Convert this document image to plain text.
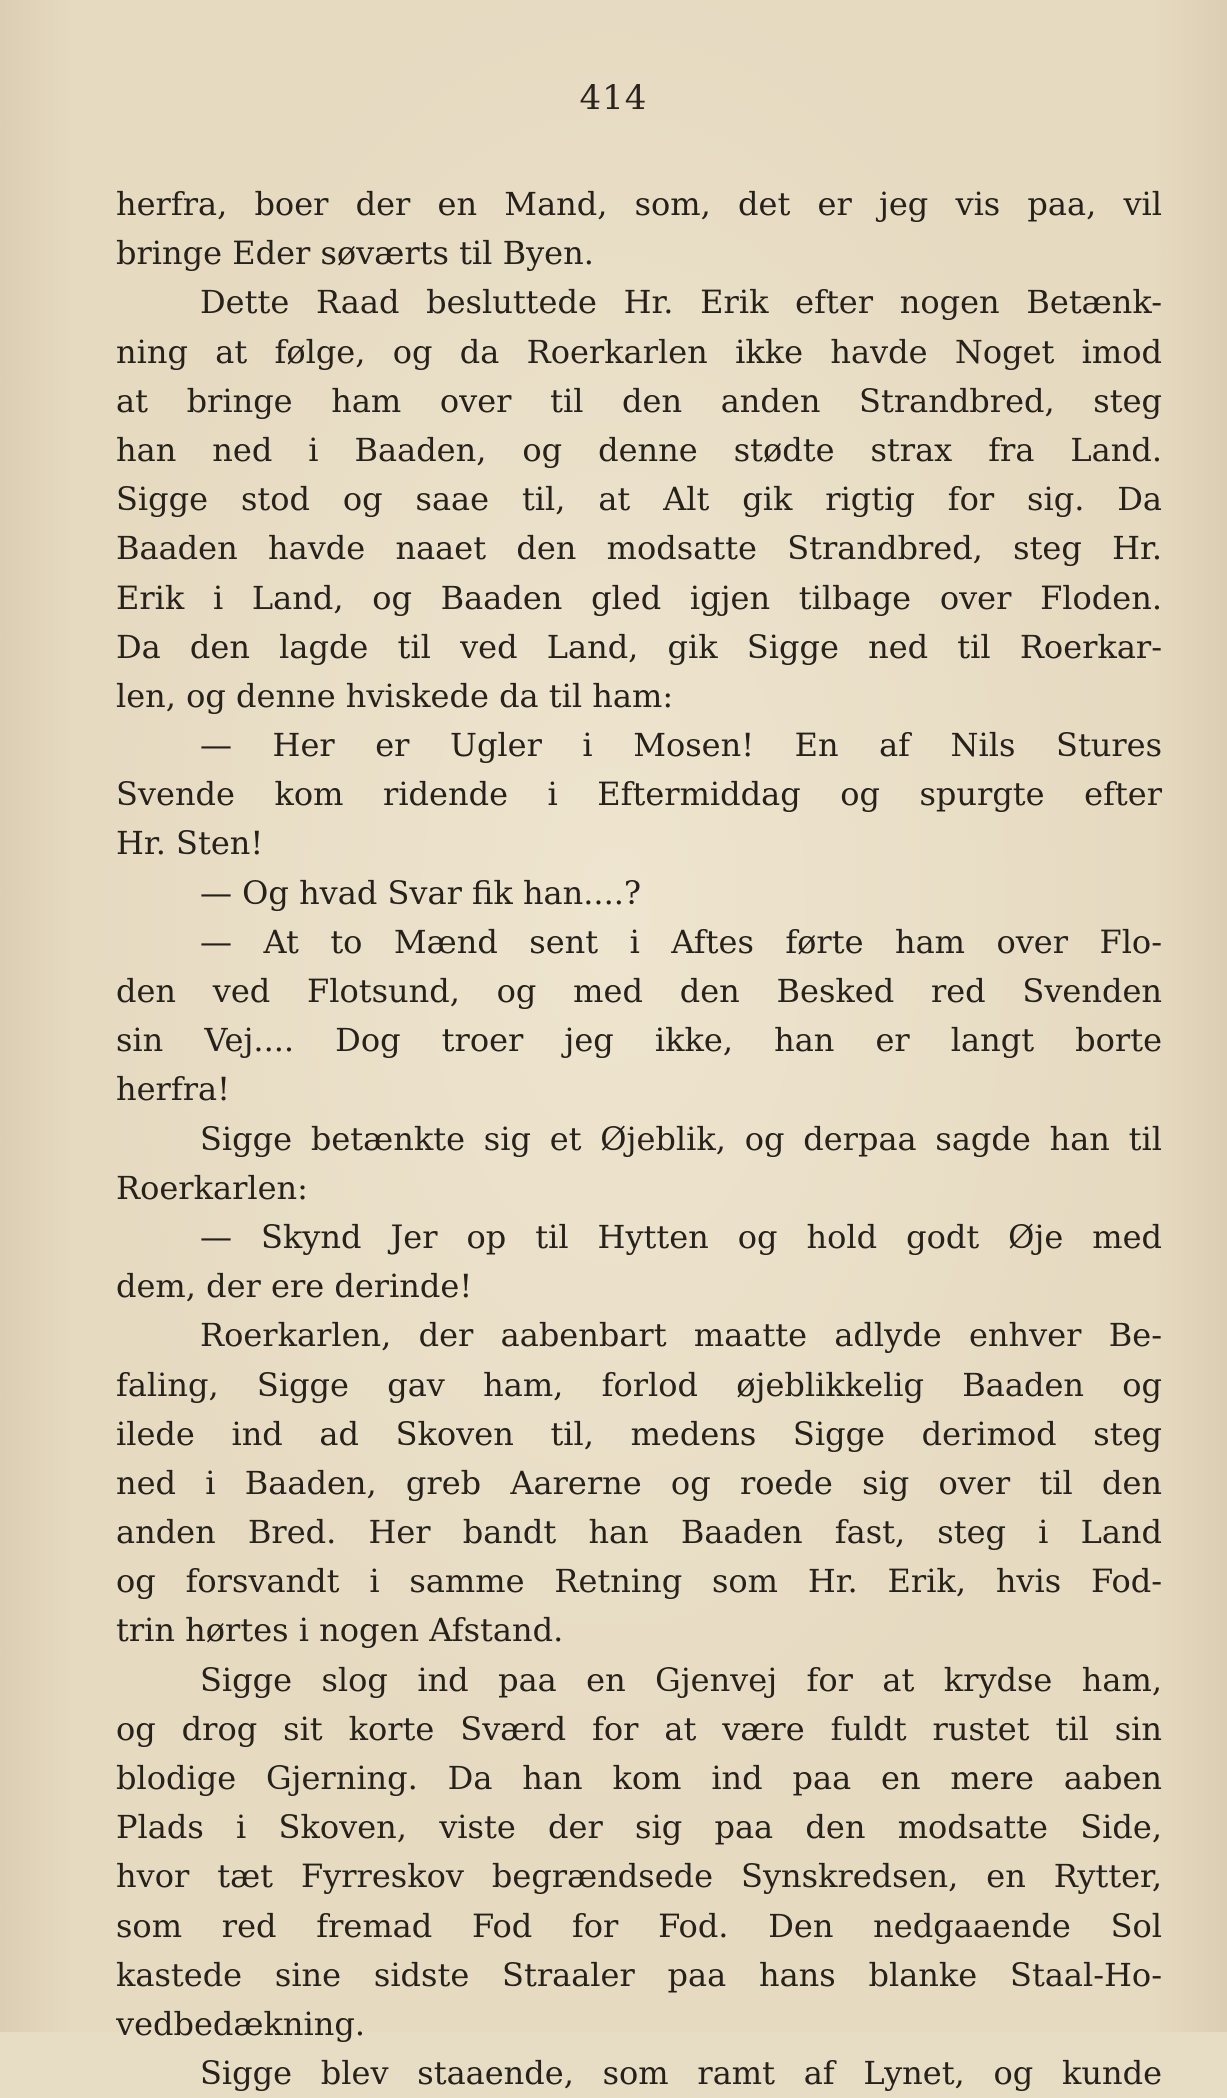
414
herfra, boer der en Mand, som, det er jeg vis paa, vil
bringe Eder søværts til Byen.
Dette Raad besluttede Hr. Erik efter nogen Betænk-
ning at følge, og da Roerkarlen ikke havde Noget imod
at bringe ham over til den anden Strandbred, steg
han ned i Baaden, og denne stødte strax fra Land.
Sigge stod og saae til, at Alt gik rigtig for sig. Da
Baaden havde naaet den modsatte Strandbred, steg Hr.
Erik i Land, og Baaden gled igjen tilbage over Floden.
Da den lagde til ved Land, gik Sigge ned til Roerkar-
len, og denne hviskede da til ham:
— Her er Ugler i Mosen! En af Nils Stures
Svende kom ridende i Eftermiddag og spurgte efter
Hr. Sten!
— Og hvad Svar fik han....?
— At to Mænd sent i Aftes førte ham over Flo-
den ved Flotsund, og med den Besked red Svenden
sin Vej.... Dog troer jeg ikke, han er langt borte
herfra!
Sigge betænkte sig et Øjeblik, og derpaa sagde han til
Roerkarlen:
— Skynd Jer op til Hytten og hold godt Øje med
dem, der ere derinde!
Roerkarlen, der aabenbart maatte adlyde enhver Be-
faling, Sigge gav ham, forlod øjeblikkelig Baaden og
ilede ind ad Skoven til, medens Sigge derimod steg
ned i Baaden, greb Aarerne og roede sig over til den
anden Bred. Her bandt han Baaden fast, steg i Land
og forsvandt i samme Retning som Hr. Erik, hvis Fod-
trin hørtes i nogen Afstand.
Sigge slog ind paa en Gjenvej for at krydse ham,
og drog sit korte Sværd for at være fuldt rustet til sin
blodige Gjerning. Da han kom ind paa en mere aaben
Plads i Skoven, viste der sig paa den modsatte Side,
hvor tæt Fyrreskov begrændsede Synskredsen, en Rytter,
som red fremad Fod for Fod. Den nedgaaende Sol
kastede sine sidste Straaler paa hans blanke Staal-Ho-
vedbedækning.
Sigge blev staaende, som ramt af Lynet, og kunde
